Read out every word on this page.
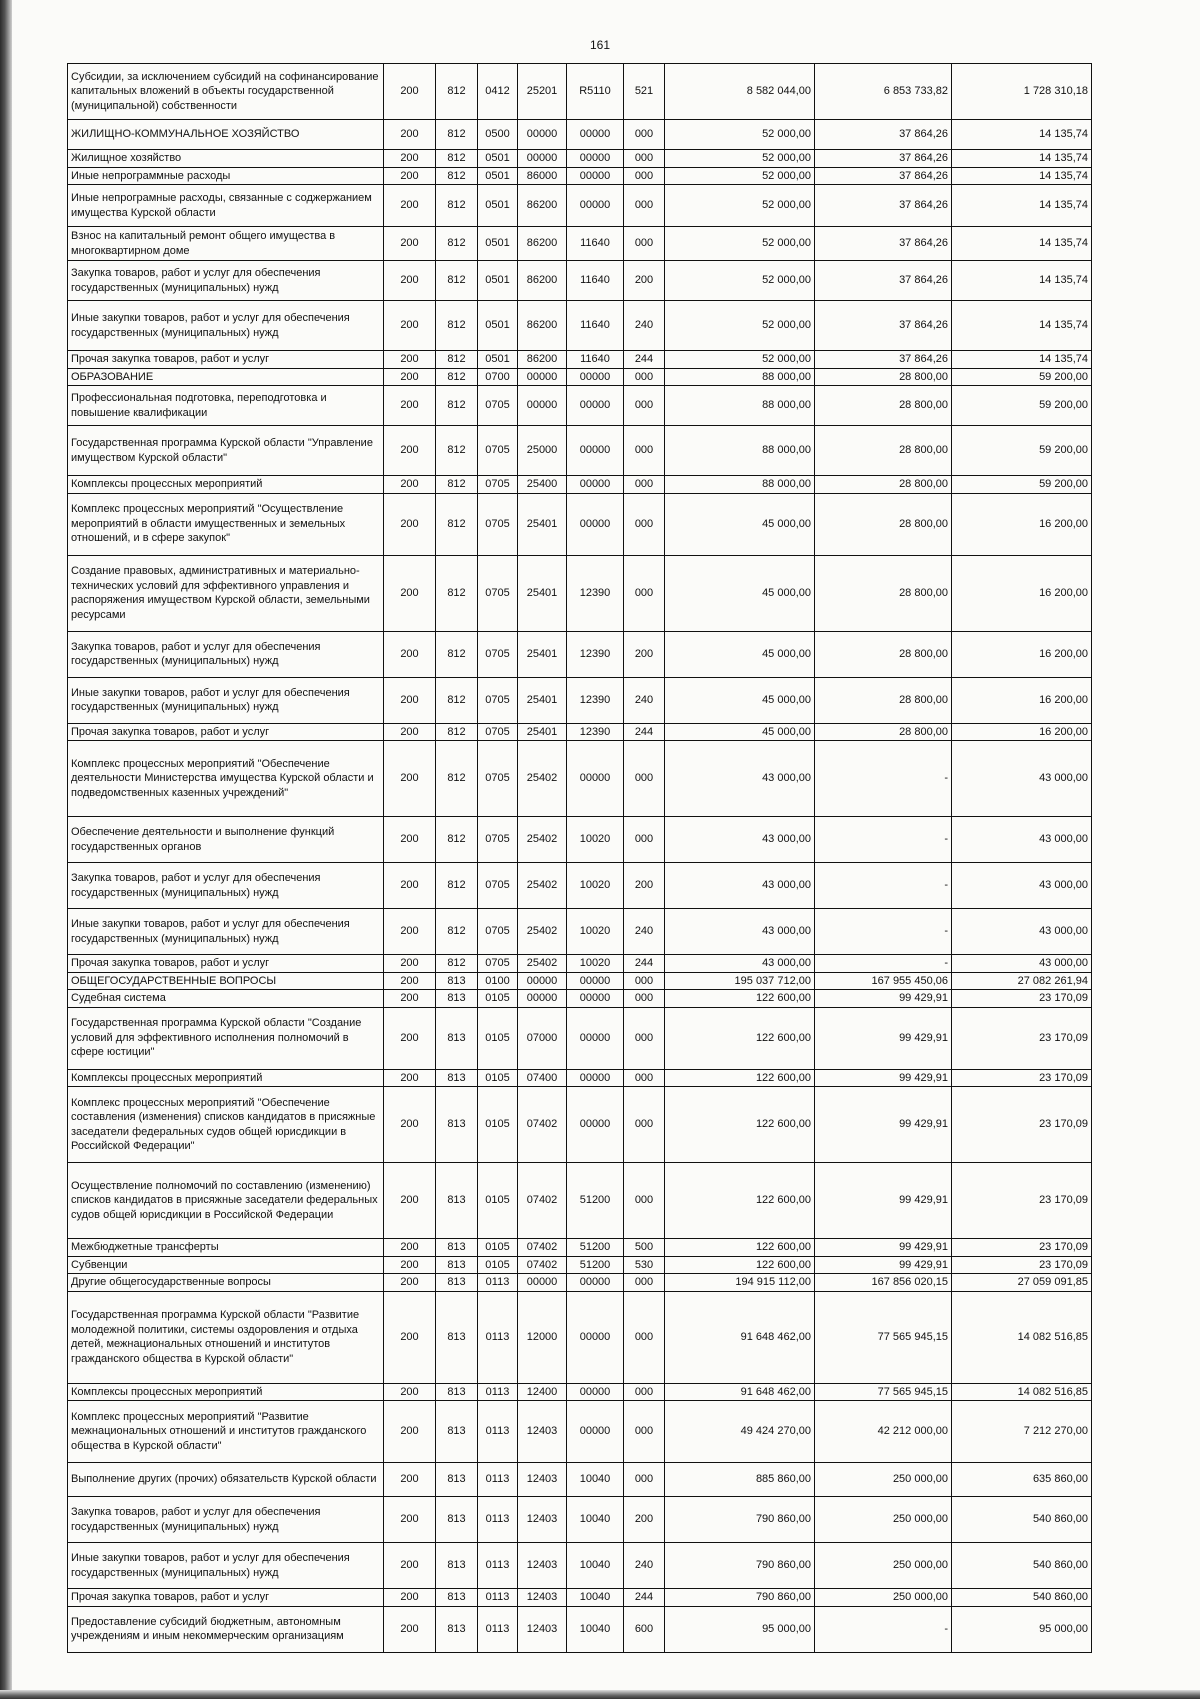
161
Субсидии, за исключением субсидий на софинансирование капитальных вложений в объекты государственной (муниципальной) собственности	200	812	0412	25201	R5110	521	8 582 044,00	6 853 733,82	1 728 310,18
ЖИЛИЩНО-КОММУНАЛЬНОЕ ХОЗЯЙСТВО	200	812	0500	00000	00000	000	52 000,00	37 864,26	14 135,74
Жилищное хозяйство	200	812	0501	00000	00000	000	52 000,00	37 864,26	14 135,74
Иные непрограммные расходы	200	812	0501	86000	00000	000	52 000,00	37 864,26	14 135,74
Иные непрограмные расходы, связанные с соджержанием имущества Курской области	200	812	0501	86200	00000	000	52 000,00	37 864,26	14 135,74
Взнос на капитальный ремонт общего имущества в многоквартирном доме	200	812	0501	86200	11640	000	52 000,00	37 864,26	14 135,74
Закупка товаров, работ и услуг для обеспечения государственных (муниципальных) нужд	200	812	0501	86200	11640	200	52 000,00	37 864,26	14 135,74
Иные закупки товаров, работ и услуг для обеспечения государственных (муниципальных) нужд	200	812	0501	86200	11640	240	52 000,00	37 864,26	14 135,74
Прочая закупка товаров, работ и услуг	200	812	0501	86200	11640	244	52 000,00	37 864,26	14 135,74
ОБРАЗОВАНИЕ	200	812	0700	00000	00000	000	88 000,00	28 800,00	59 200,00
Профессиональная подготовка, переподготовка и повышение квалификации	200	812	0705	00000	00000	000	88 000,00	28 800,00	59 200,00
Государственная программа Курской области "Управление имуществом Курской области"	200	812	0705	25000	00000	000	88 000,00	28 800,00	59 200,00
Комплексы процессных мероприятий	200	812	0705	25400	00000	000	88 000,00	28 800,00	59 200,00
Комплекс процессных мероприятий "Осуществление мероприятий в области имущественных и земельных отношений, и в сфере закупок"	200	812	0705	25401	00000	000	45 000,00	28 800,00	16 200,00
Создание правовых, административных и материально-технических условий для эффективного управления и распоряжения имуществом Курской области, земельными ресурсами	200	812	0705	25401	12390	000	45 000,00	28 800,00	16 200,00
Закупка товаров, работ и услуг для обеспечения государственных (муниципальных) нужд	200	812	0705	25401	12390	200	45 000,00	28 800,00	16 200,00
Иные закупки товаров, работ и услуг для обеспечения государственных (муниципальных) нужд	200	812	0705	25401	12390	240	45 000,00	28 800,00	16 200,00
Прочая закупка товаров, работ и услуг	200	812	0705	25401	12390	244	45 000,00	28 800,00	16 200,00
Комплекс процессных мероприятий "Обеспечение деятельности Министерства имущества Курской области и подведомственных казенных учреждений"	200	812	0705	25402	00000	000	43 000,00	-	43 000,00
Обеспечение деятельности и выполнение функций государственных органов	200	812	0705	25402	10020	000	43 000,00	-	43 000,00
Закупка товаров, работ и услуг для обеспечения государственных (муниципальных) нужд	200	812	0705	25402	10020	200	43 000,00	-	43 000,00
Иные закупки товаров, работ и услуг для обеспечения государственных (муниципальных) нужд	200	812	0705	25402	10020	240	43 000,00	-	43 000,00
Прочая закупка товаров, работ и услуг	200	812	0705	25402	10020	244	43 000,00	-	43 000,00
ОБЩЕГОСУДАРСТВЕННЫЕ ВОПРОСЫ	200	813	0100	00000	00000	000	195 037 712,00	167 955 450,06	27 082 261,94
Судебная система	200	813	0105	00000	00000	000	122 600,00	99 429,91	23 170,09
Государственная программа Курской области "Создание условий для эффективного исполнения полномочий в сфере юстиции"	200	813	0105	07000	00000	000	122 600,00	99 429,91	23 170,09
Комплексы процессных мероприятий	200	813	0105	07400	00000	000	122 600,00	99 429,91	23 170,09
Комплекс процессных мероприятий "Обеспечение составления (изменения) списков кандидатов в присяжные заседатели федеральных судов общей юрисдикции в Российской Федерации"	200	813	0105	07402	00000	000	122 600,00	99 429,91	23 170,09
Осуществление полномочий по составлению (изменению) списков кандидатов в присяжные заседатели федеральных судов общей юрисдикции в Российской Федерации	200	813	0105	07402	51200	000	122 600,00	99 429,91	23 170,09
Межбюджетные трансферты	200	813	0105	07402	51200	500	122 600,00	99 429,91	23 170,09
Субвенции	200	813	0105	07402	51200	530	122 600,00	99 429,91	23 170,09
Другие общегосударственные вопросы	200	813	0113	00000	00000	000	194 915 112,00	167 856 020,15	27 059 091,85
Государственная программа Курской области "Развитие молодежной политики, системы оздоровления и отдыха детей, межнациональных отношений и институтов гражданского общества в Курской области"	200	813	0113	12000	00000	000	91 648 462,00	77 565 945,15	14 082 516,85
Комплексы процессных мероприятий	200	813	0113	12400	00000	000	91 648 462,00	77 565 945,15	14 082 516,85
Комплекс процессных мероприятий "Развитие межнациональных отношений и институтов гражданского общества в Курской области"	200	813	0113	12403	00000	000	49 424 270,00	42 212 000,00	7 212 270,00
Выполнение других (прочих) обязательств Курской области	200	813	0113	12403	10040	000	885 860,00	250 000,00	635 860,00
Закупка товаров, работ и услуг для обеспечения государственных (муниципальных) нужд	200	813	0113	12403	10040	200	790 860,00	250 000,00	540 860,00
Иные закупки товаров, работ и услуг для обеспечения государственных (муниципальных) нужд	200	813	0113	12403	10040	240	790 860,00	250 000,00	540 860,00
Прочая закупка товаров, работ и услуг	200	813	0113	12403	10040	244	790 860,00	250 000,00	540 860,00
Предоставление субсидий бюджетным, автономным учреждениям и иным некоммерческим организациям	200	813	0113	12403	10040	600	95 000,00	-	95 000,00
